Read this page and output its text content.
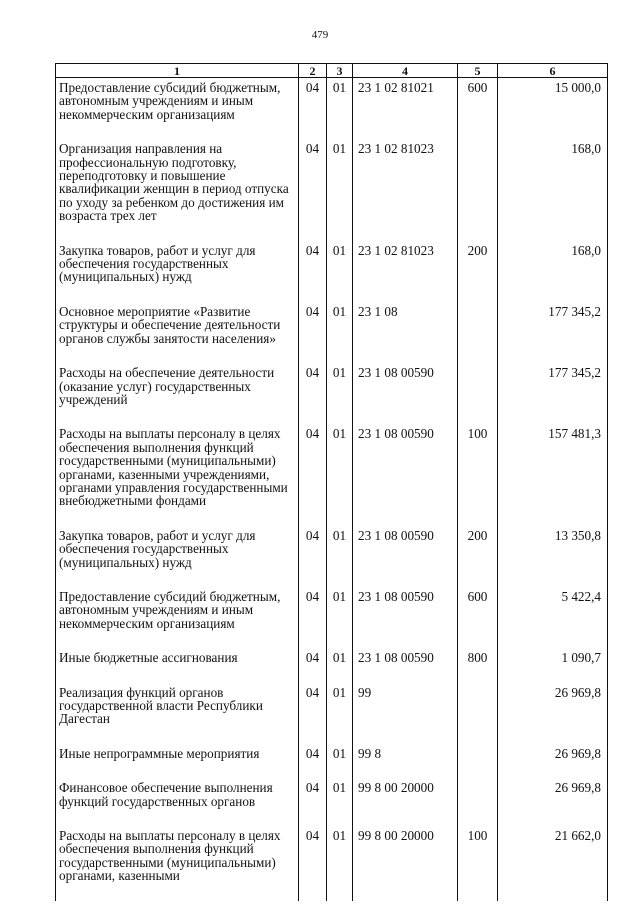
479
1	2	3	4	5	6
Предоставление субсидий бюджетным, автономным учреждениям и иным некоммерческим организациям	04	01	23 1 02 81021	600	15 000,0
Организация направления на профессиональную подготовку, переподготовку и повышение квалификации женщин в период отпуска по уходу за ребенком до достижения им возраста трех лет	04	01	23 1 02 81023		168,0
Закупка товаров, работ и услуг для обеспечения государственных (муниципальных) нужд	04	01	23 1 02 81023	200	168,0
Основное мероприятие «Развитие структуры и обеспечение деятельности органов службы занятости населения»	04	01	23 1 08		177 345,2
Расходы на обеспечение деятельности (оказание услуг) государственных учреждений	04	01	23 1 08 00590		177 345,2
Расходы на выплаты персоналу в целях обеспечения выполнения функций государственными (муниципальными) органами, казенными учреждениями, органами управления государственными внебюджетными фондами	04	01	23 1 08 00590	100	157 481,3
Закупка товаров, работ и услуг для обеспечения государственных (муниципальных) нужд	04	01	23 1 08 00590	200	13 350,8
Предоставление субсидий бюджетным, автономным учреждениям и иным некоммерческим организациям	04	01	23 1 08 00590	600	5 422,4
Иные бюджетные ассигнования	04	01	23 1 08 00590	800	1 090,7
Реализация функций органов государственной власти Республики Дагестан	04	01	99		26 969,8
Иные непрограммные мероприятия	04	01	99 8		26 969,8
Финансовое обеспечение выполнения функций государственных органов	04	01	99 8 00 20000		26 969,8
Расходы на выплаты персоналу в целях обеспечения выполнения функций государственными (муниципальными) органами, казенными	04	01	99 8 00 20000	100	21 662,0
